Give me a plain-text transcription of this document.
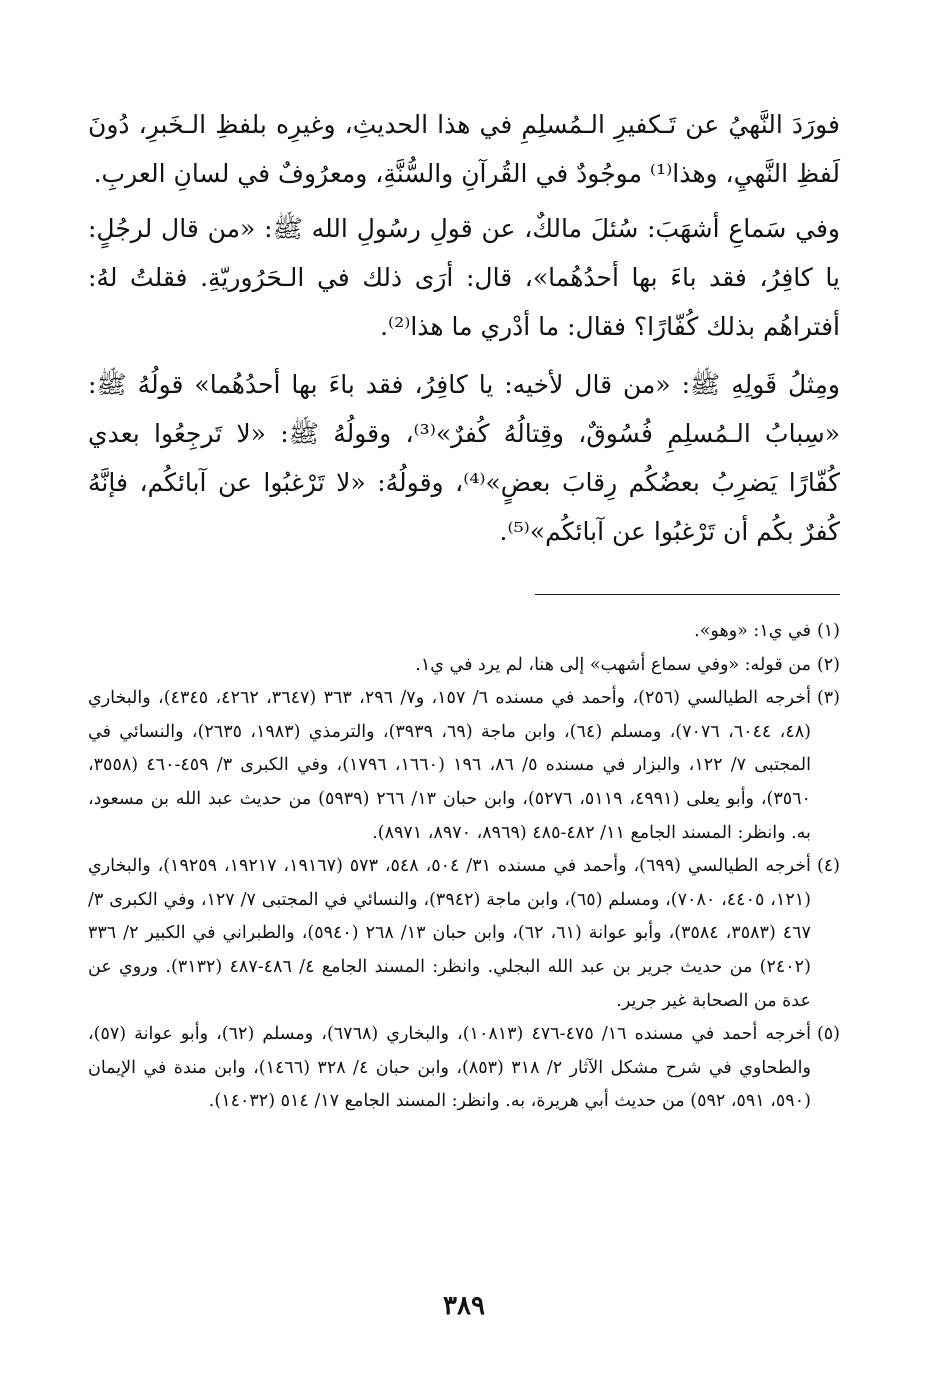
فورَدَ النَّهيُ عن تَـكفيرِ الـمُسلِمِ في هذا الحديثِ، وغيرِه بلفظِ الـخَبرِ، دُونَ لَفظِ النَّهيِ، وهذا⁽¹⁾ موجُودٌ في القُرآنِ والسُّنَّةِ، ومعرُوفٌ في لسانِ العربِ.

وفي سَماعِ أشهَبَ: سُئلَ مالكٌ، عن قولِ رسُولِ الله ﷺ: «من قال لرجُلٍ: يا كافِرُ، فقد باءَ بها أحدُهُما»، قال: أرَى ذلك في الـحَرُوريّةِ. فقلتُ لهُ: أفتراهُم بذلك كُفّارًا؟ فقال: ما أدْري ما هذا⁽²⁾.

ومِثلُ قَولِهِ ﷺ: «من قال لأخيه: يا كافِرُ، فقد باءَ بها أحدُهُما» قولُهُ ﷺ: «سِبابُ الـمُسلِمِ فُسُوقٌ، وقِتالُهُ كُفرٌ»⁽³⁾، وقولُهُ ﷺ: «لا تَرجِعُوا بعدي كُفّارًا يَضرِبُ بعضُكُم رِقابَ بعضٍ»⁽⁴⁾، وقولُهُ: «لا تَرْغبُوا عن آبائكُم، فإنَّهُ كُفرٌ بكُم أن تَرْغبُوا عن آبائكُم»⁽⁵⁾.

(١)
في ي١: «وهو».
(٢)
من قوله: «وفي سماع أشهب» إلى هنا، لم يرد في ي١.
(٣)
أخرجه الطيالسي (٢٥٦)، وأحمد في مسنده ٦/ ١٥٧، و٧/ ٢٩٦، ٣٦٣ (٣٦٤٧، ٤٢٦٢، ٤٣٤٥)، والبخاري (٤٨، ٦٠٤٤، ٧٠٧٦)، ومسلم (٦٤)، وابن ماجة (٦٩، ٣٩٣٩)، والترمذي (١٩٨٣، ٢٦٣٥)، والنسائي في المجتبى ٧/ ١٢٢، والبزار في مسنده ٥/ ٨٦، ١٩٦ (١٦٦٠، ١٧٩٦)، وفي الكبرى ٣/ ٤٥٩-٤٦٠ (٣٥٥٨، ٣٥٦٠)، وأبو يعلى (٤٩٩١، ٥١١٩، ٥٢٧٦)، وابن حبان ١٣/ ٢٦٦ (٥٩٣٩) من حديث عبد الله بن مسعود، به. وانظر: المسند الجامع ١١/ ٤٨٢-٤٨٥ (٨٩٦٩، ٨٩٧٠، ٨٩٧١).
(٤)
أخرجه الطيالسي (٦٩٩)، وأحمد في مسنده ٣١/ ٥٠٤، ٥٤٨، ٥٧٣ (١٩١٦٧، ١٩٢١٧، ١٩٢٥٩)، والبخاري (١٢١، ٤٤٠٥، ٧٠٨٠)، ومسلم (٦٥)، وابن ماجة (٣٩٤٢)، والنسائي في المجتبى ٧/ ١٢٧، وفي الكبرى ٣/ ٤٦٧ (٣٥٨٣، ٣٥٨٤)، وأبو عوانة (٦١، ٦٢)، وابن حبان ١٣/ ٢٦٨ (٥٩٤٠)، والطبراني في الكبير ٢/ ٣٣٦ (٢٤٠٢) من حديث جرير بن عبد الله البجلي. وانظر: المسند الجامع ٤/ ٤٨٦-٤٨٧ (٣١٣٢). وروي عن عدة من الصحابة غير جرير.
(٥)
أخرجه أحمد في مسنده ١٦/ ٤٧٥-٤٧٦ (١٠٨١٣)، والبخاري (٦٧٦٨)، ومسلم (٦٢)، وأبو عوانة (٥٧)، والطحاوي في شرح مشكل الآثار ٢/ ٣١٨ (٨٥٣)، وابن حبان ٤/ ٣٢٨ (١٤٦٦)، وابن مندة في الإيمان (٥٩٠، ٥٩١، ٥٩٢) من حديث أبي هريرة، به. وانظر: المسند الجامع ١٧/ ٥١٤ (١٤٠٣٢).
٣٨٩
